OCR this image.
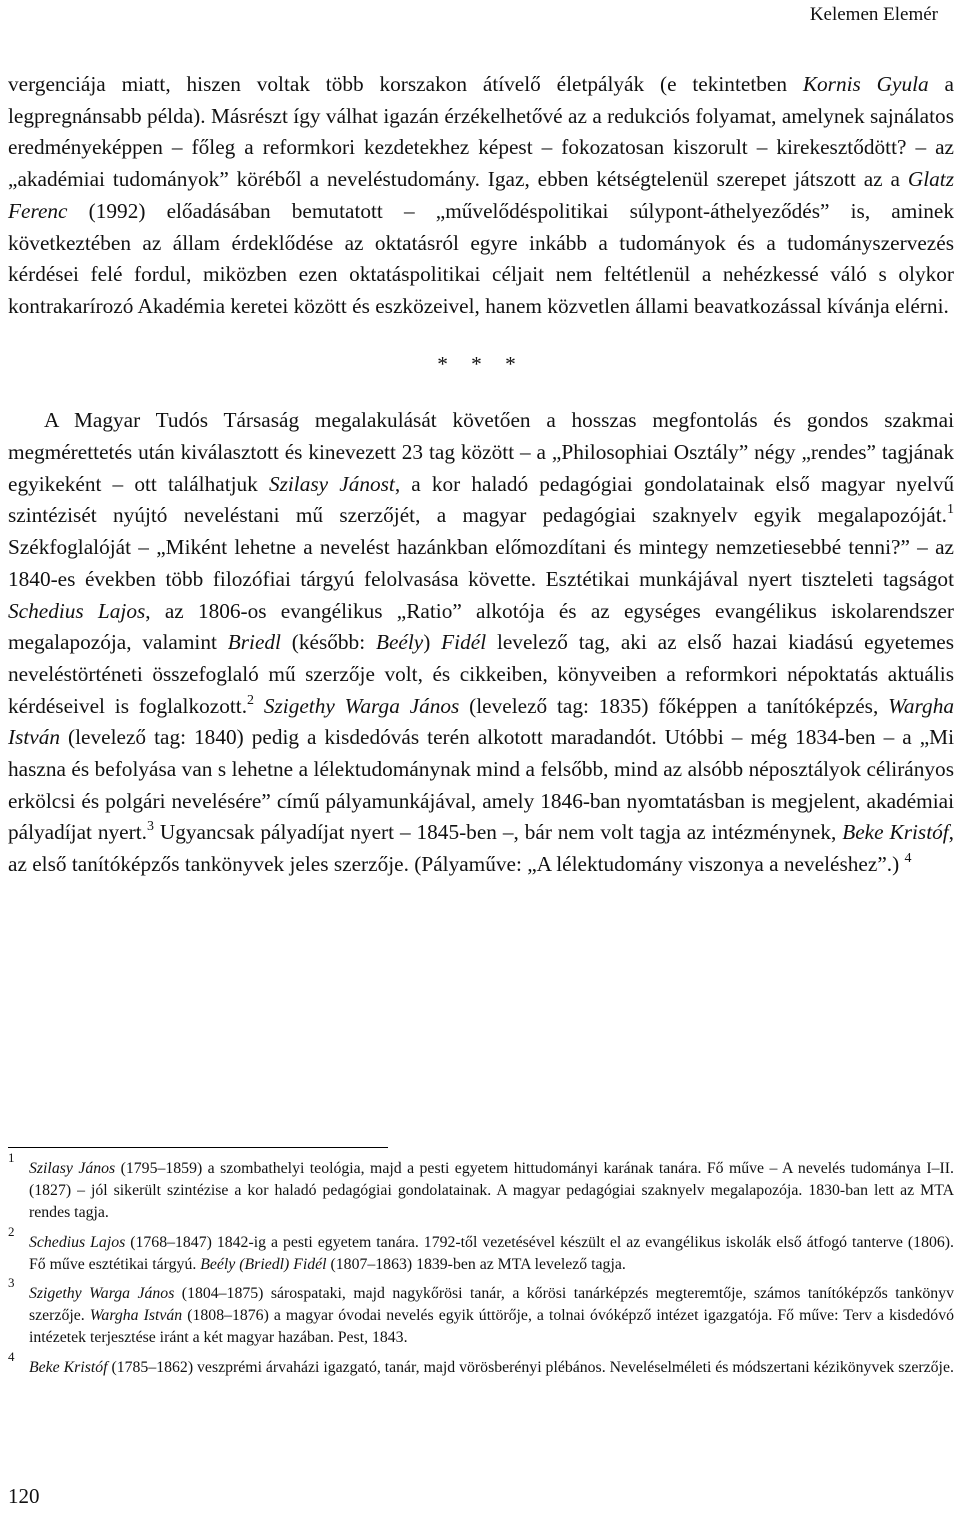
Kelemen Elemér

vergenciája miatt, hiszen voltak több korszakon átívelő életpályák (e tekintetben Kornis Gyula a legpregnánsabb példa). Másrészt így válhat igazán érzékelhetővé az a redukciós folyamat, amelynek sajnálatos eredményeképpen – főleg a reformkori kezdetekhez képest – fokozatosan kiszorult – kirekesztődött? – az „akadémiai tudományok” köréből a neveléstudomány. Igaz, ebben kétségtelenül szerepet játszott az a Glatz Ferenc (1992) előadásában bemutatott – „művelődéspolitikai súlypont-áthelyeződés” is, aminek következtében az állam érdeklődése az oktatásról egyre inkább a tudományok és a tudományszervezés kérdései felé fordul, miközben ezen oktatáspolitikai céljait nem feltétlenül a nehézkessé váló s olykor kontrakarírozó Akadémia keretei között és eszközeivel, hanem közvetlen állami beavatkozással kívánja elérni.

* * *

A Magyar Tudós Társaság megalakulását követően a hosszas megfontolás és gondos szakmai megmérettetés után kiválasztott és kinevezett 23 tag között – a „Philosophiai Osztály” négy „rendes” tagjának egyikeként – ott találhatjuk Szilasy Jánost, a kor haladó pedagógiai gondolatainak első magyar nyelvű szintézisét nyújtó neveléstani mű szerzőjét, a magyar pedagógiai szaknyelv egyik megalapozóját.$^1$ Székfoglalóját – „Miként lehetne a nevelést hazánkban előmozdítani és mintegy nemzetiesebbé tenni?” – az 1840-es években több filozófiai tárgyú felolvasása követte. Esztétikai munkájával nyert tiszteleti tagságot Schedius Lajos, az 1806-os evangélikus „Ratio” alkotója és az egységes evangélikus iskolarendszer megalapozója, valamint Briedl (később: Beély) Fidél levelező tag, aki az első hazai kiadású egyetemes neveléstörténeti összefoglaló mű szerzője volt, és cikkeiben, könyveiben a reformkori népoktatás aktuális kérdéseivel is foglalkozott.$^2$ Szigethy Warga János (levelező tag: 1835) főképpen a tanítóképzés, Wargha István (levelező tag: 1840) pedig a kisdedóvás terén alkotott maradandót. Utóbbi – még 1834-ben – a „Mi haszna és befolyása van s lehetne a lélektudománynak mind a felsőbb, mind az alsóbb néposztályok célirányos erkölcsi és polgári nevelésére” című pályamunkájával, amely 1846-ban nyomtatásban is megjelent, akadémiai pályadíjat nyert.$^3$ Ugyancsak pályadíjat nyert – 1845-ben –, bár nem volt tagja az intézménynek, Beke Kristóf, az első tanítóképzős tankönyvek jeles szerzője. (Pályaműve: „A lélektudomány viszonya a neveléshez”.) $^4$

1
Szilasy János (1795–1859) a szombathelyi teológia, majd a pesti egyetem hittudományi karának tanára. Fő műve – A nevelés tudománya I–II. (1827) – jól sikerült szintézise a kor haladó pedagógiai gondolatainak. A magyar pedagógiai szaknyelv megalapozója. 1830-ban lett az MTA rendes tagja.
2
Schedius Lajos (1768–1847) 1842-ig a pesti egyetem tanára. 1792-től vezetésével készült el az evangélikus iskolák első átfogó tanterve (1806). Fő műve esztétikai tárgyú. Beély (Briedl) Fidél (1807–1863) 1839-ben az MTA levelező tagja.
3
Szigethy Warga János (1804–1875) sárospataki, majd nagykőrösi tanár, a kőrösi tanárképzés megteremtője, számos tanítóképzős tankönyv szerzője. Wargha István (1808–1876) a magyar óvodai nevelés egyik úttörője, a tolnai óvóképző intézet igazgatója. Fő műve: Terv a kisdedóvó intézetek terjesztése iránt a két magyar hazában. Pest, 1843.
4
Beke Kristóf (1785–1862) veszprémi árvaházi igazgató, tanár, majd vörösberényi plébános. Neveléselméleti és módszertani kézikönyvek szerzője.
120
